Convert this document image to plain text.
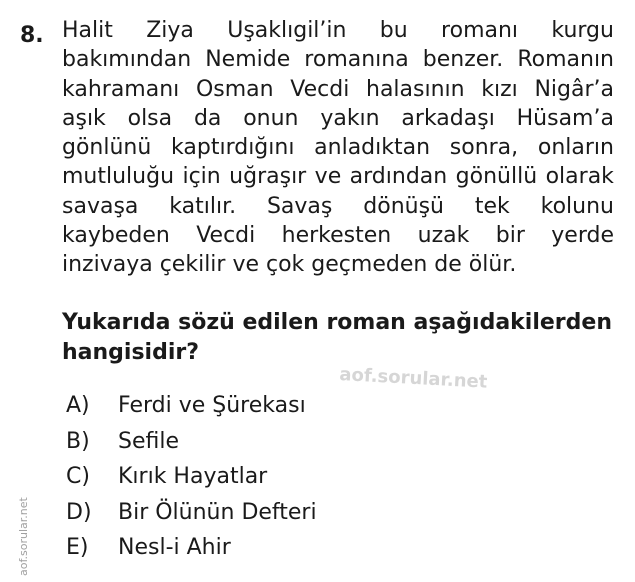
8. Halit Ziya Uşaklıgil’in bu romanı kurgu
bakımından Nemide romanına benzer. Romanın
kahramanı Osman Vecdi halasının kızı Nigâr’a
aşık olsa da onun yakın arkadaşı Hüsam’a
gönlünü kaptırdığını anladıktan sonra, onların
mutluluğu için uğraşır ve ardından gönüllü olarak
savaşa katılır. Savaş dönüşü tek kolunu
kaybeden Vecdi herkesten uzak bir yerde
inzivaya çekilir ve çok geçmeden de ölür.
Yukarıda sözü edilen roman aşağıdakilerden
hangisidir?
A)	Ferdi ve Şürekası
B)	Sefile
C)	Kırık Hayatlar
D)	Bir Ölünün Defteri
E)	Nesl-i Ahir
aof.sorular.net
aof.sorular.net
